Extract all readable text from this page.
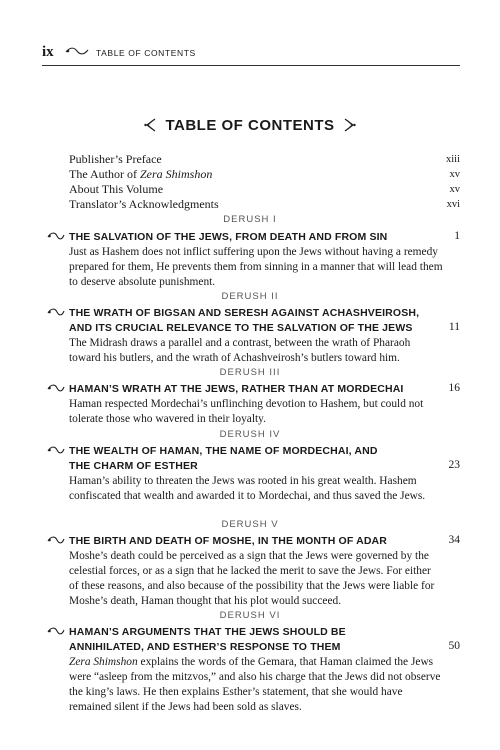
ix	TABLE OF CONTENTS
TABLE OF CONTENTS
Publisher’s Preface	xiii
The Author of Zera Shimshon	xv
About This Volume	xv
Translator’s Acknowledgments	xvi
DERUSH I
THE SALVATION OF THE JEWS, FROM DEATH AND FROM SIN	1
Just as Hashem does not inflict suffering upon the Jews without having a remedy prepared for them, He prevents them from sinning in a manner that will lead them to deserve absolute punishment.
DERUSH II
THE WRATH OF BIGSAN AND SERESH AGAINST ACHASHVEIROSH, AND ITS CRUCIAL RELEVANCE TO THE SALVATION OF THE JEWS	11
The Midrash draws a parallel and a contrast, between the wrath of Pharaoh toward his butlers, and the wrath of Achashveirosh’s butlers toward him.
DERUSH III
HAMAN’S WRATH AT THE JEWS, RATHER THAN AT MORDECHAI	16
Haman respected Mordechai’s unflinching devotion to Hashem, but could not tolerate those who wavered in their loyalty.
DERUSH IV
THE WEALTH OF HAMAN, THE NAME OF MORDECHAI, AND THE CHARM OF ESTHER	23
Haman’s ability to threaten the Jews was rooted in his great wealth. Hashem confiscated that wealth and awarded it to Mordechai, and thus saved the Jews.
DERUSH V
THE BIRTH AND DEATH OF MOSHE, IN THE MONTH OF ADAR	34
Moshe’s death could be perceived as a sign that the Jews were governed by the celestial forces, or as a sign that he lacked the merit to save the Jews. For either of these reasons, and also because of the possibility that the Jews were liable for Moshe’s death, Haman thought that his plot would succeed.
DERUSH VI
HAMAN’S ARGUMENTS THAT THE JEWS SHOULD BE ANNIHILATED, AND ESTHER’S RESPONSE TO THEM	50
Zera Shimshon explains the words of the Gemara, that Haman claimed the Jews were “asleep from the mitzvos,” and also his charge that the Jews did not observe the king’s laws. He then explains Esther’s statement, that she would have remained silent if the Jews had been sold as slaves.
